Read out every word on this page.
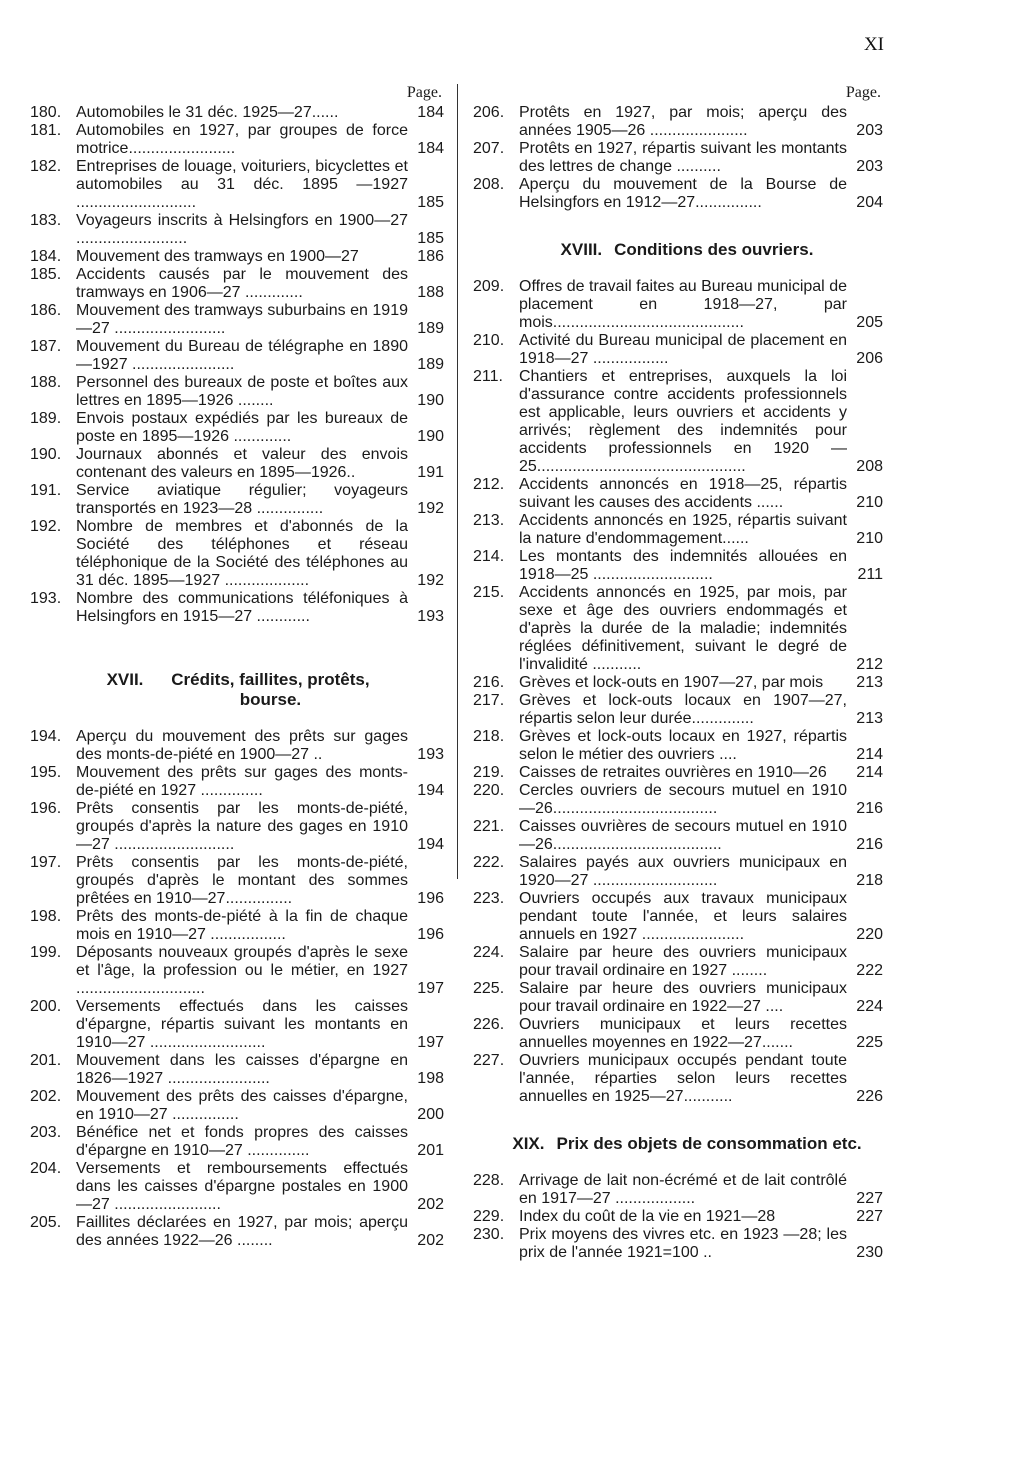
XI
Page.
180. Automobiles le 31 déc. 1925—27......	184
181. Automobiles en 1927, par groupes de force motrice........................	184
182. Entreprises de louage, voituriers, bicyclettes et automobiles au 31 déc. 1895 —1927 ...........................	185
183. Voyageurs inscrits à Helsingfors en 1900—27 .........................	185
184. Mouvement des tramways en 1900—27	186
185. Accidents causés par le mouvement des tramways en 1906—27 .............	188
186. Mouvement des tramways suburbains en 1919—27 .........................	189
187. Mouvement du Bureau de télégraphe en 1890—1927 .......................	189
188. Personnel des bureaux de poste et boîtes aux lettres en 1895—1926 ........	190
189. Envois postaux expédiés par les bureaux de poste en 1895—1926 .............	190
190. Journaux abonnés et valeur des envois contenant des valeurs en 1895—1926..	191
191. Service aviatique régulier; voyageurs transportés en 1923—28 ...............	192
192. Nombre de membres et d'abonnés de la Société des téléphones et réseau téléphonique de la Société des téléphones au 31 déc. 1895—1927 ...................	192
193. Nombre des communications téléfoniques à Helsingfors en 1915—27 ............	193
XVII. Crédits, faillites, protêts, bourse.
194. Aperçu du mouvement des prêts sur gages des monts-de-piété en 1900—27 ..	193
195. Mouvement des prêts sur gages des monts-de-piété en 1927 ..............	194
196. Prêts consentis par les monts-de-piété, groupés d'après la nature des gages en 1910—27 ...........................	194
197. Prêts consentis par les monts-de-piété, groupés d'après le montant des sommes prêtées en 1910—27...............	196
198. Prêts des monts-de-piété à la fin de chaque mois en 1910—27 .................	196
199. Déposants nouveaux groupés d'après le sexe et l'âge, la profession ou le métier, en 1927 .............................	197
200. Versements effectués dans les caisses d'épargne, répartis suivant les montants en 1910—27 ..........................	197
201. Mouvement dans les caisses d'épargne en 1826—1927 .......................	198
202. Mouvement des prêts des caisses d'épargne, en 1910—27 ...............	200
203. Bénéfice net et fonds propres des caisses d'épargne en 1910—27 ..............	201
204. Versements et remboursements effectués dans les caisses d'épargne postales en 1900—27 ........................	202
205. Faillites déclarées en 1927, par mois; aperçu des années 1922—26 ........	202
Page.
206. Protêts en 1927, par mois; aperçu des années 1905—26 ......................	203
207. Protêts en 1927, répartis suivant les montants des lettres de change ..........	203
208. Aperçu du mouvement de la Bourse de Helsingfors en 1912—27...............	204
XVIII. Conditions des ouvriers.
209. Offres de travail faites au Bureau municipal de placement en 1918—27, par mois...........................................	205
210. Activité du Bureau municipal de placement en 1918—27 .................	206
211. Chantiers et entreprises, auxquels la loi d'assurance contre accidents professionnels est applicable, leurs ouvriers et accidents y arrivés; règlement des indemnités pour accidents professionnels en 1920 —25...............................................	208
212. Accidents annoncés en 1918—25, répartis suivant les causes des accidents ......	210
213. Accidents annoncés en 1925, répartis suivant la nature d'endommagement......	210
214. Les montants des indemnités allouées en 1918—25 ...........................	211
215. Accidents annoncés en 1925, par mois, par sexe et âge des ouvriers endommagés et d'après la durée de la maladie; indemnités réglées définitivement, suivant le degré de l'invalidité ...........	212
216. Grèves et lock-outs en 1907—27, par mois 213
217. Grèves et lock-outs locaux en 1907—27, répartis selon leur durée..............	213
218. Grèves et lock-outs locaux en 1927, répartis selon le métier des ouvriers ....	214
219. Caisses de retraites ouvrières en 1910—26 214
220. Cercles ouvriers de secours mutuel en 1910—26.....................................	216
221. Caisses ouvrières de secours mutuel en 1910—26......................................	216
222. Salaires payés aux ouvriers municipaux en 1920—27 ............................	218
223. Ouvriers occupés aux travaux municipaux pendant toute l'année, et leurs salaires annuels en 1927 .......................	220
224. Salaire par heure des ouvriers municipaux pour travail ordinaire en 1927 ........	222
225. Salaire par heure des ouvriers municipaux pour travail ordinaire en 1922—27 ....	224
226. Ouvriers municipaux et leurs recettes annuelles moyennes en 1922—27.......	225
227. Ouvriers municipaux occupés pendant toute l'année, réparties selon leurs recettes annuelles en 1925—27...........	226
XIX. Prix des objets de consommation etc.
228. Arrivage de lait non-écrémé et de lait contrôlé en 1917—27 ..................	227
229. Index du coût de la vie en 1921—28	227
230. Prix moyens des vivres etc. en 1923 —28; les prix de l'année 1921=100 ..	230
